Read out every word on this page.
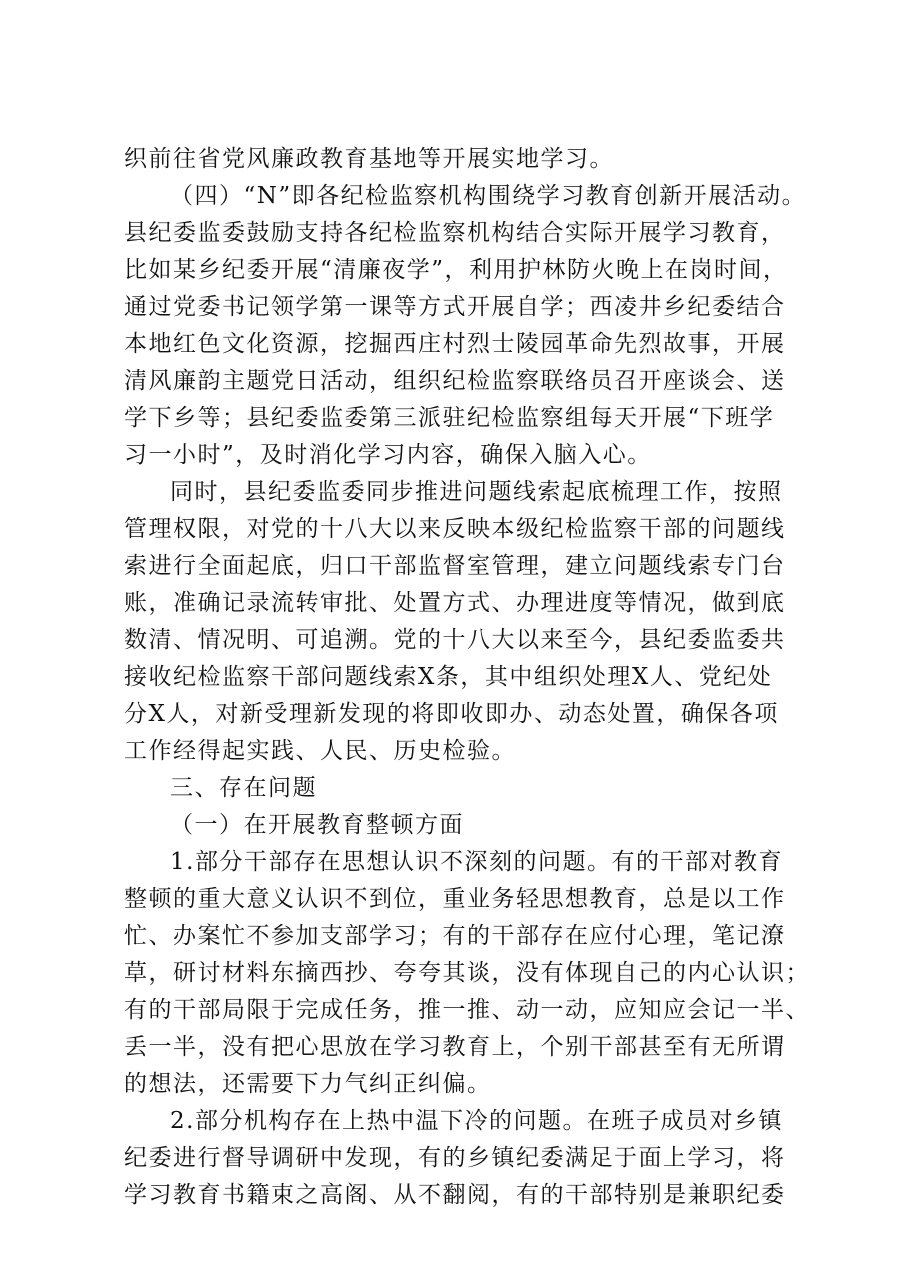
织前往省党风廉政教育基地等开展实地学习。
（四）“N”即各纪检监察机构围绕学习教育创新开展活动。
县纪委监委鼓励支持各纪检监察机构结合实际开展学习教育，
比如某乡纪委开展“清廉夜学”，利用护林防火晚上在岗时间，
通过党委书记领学第一课等方式开展自学；西凌井乡纪委结合
本地红色文化资源，挖掘西庄村烈士陵园革命先烈故事，开展
清风廉韵主题党日活动，组织纪检监察联络员召开座谈会、送
学下乡等；县纪委监委第三派驻纪检监察组每天开展“下班学
习一小时”，及时消化学习内容，确保入脑入心。
同时，县纪委监委同步推进问题线索起底梳理工作，按照
管理权限，对党的十八大以来反映本级纪检监察干部的问题线
索进行全面起底，归口干部监督室管理，建立问题线索专门台
账，准确记录流转审批、处置方式、办理进度等情况，做到底
数清、情况明、可追溯。党的十八大以来至今，县纪委监委共
接收纪检监察干部问题线索X条，其中组织处理X人、党纪处
分X人，对新受理新发现的将即收即办、动态处置，确保各项
工作经得起实践、人民、历史检验。
三、存在问题
（一）在开展教育整顿方面
1.部分干部存在思想认识不深刻的问题。有的干部对教育
整顿的重大意义认识不到位，重业务轻思想教育，总是以工作
忙、办案忙不参加支部学习；有的干部存在应付心理，笔记潦
草，研讨材料东摘西抄、夸夸其谈，没有体现自己的内心认识；
有的干部局限于完成任务，推一推、动一动，应知应会记一半、
丢一半，没有把心思放在学习教育上，个别干部甚至有无所谓
的想法，还需要下力气纠正纠偏。
2.部分机构存在上热中温下冷的问题。在班子成员对乡镇
纪委进行督导调研中发现，有的乡镇纪委满足于面上学习，将
学习教育书籍束之高阁、从不翻阅，有的干部特别是兼职纪委
